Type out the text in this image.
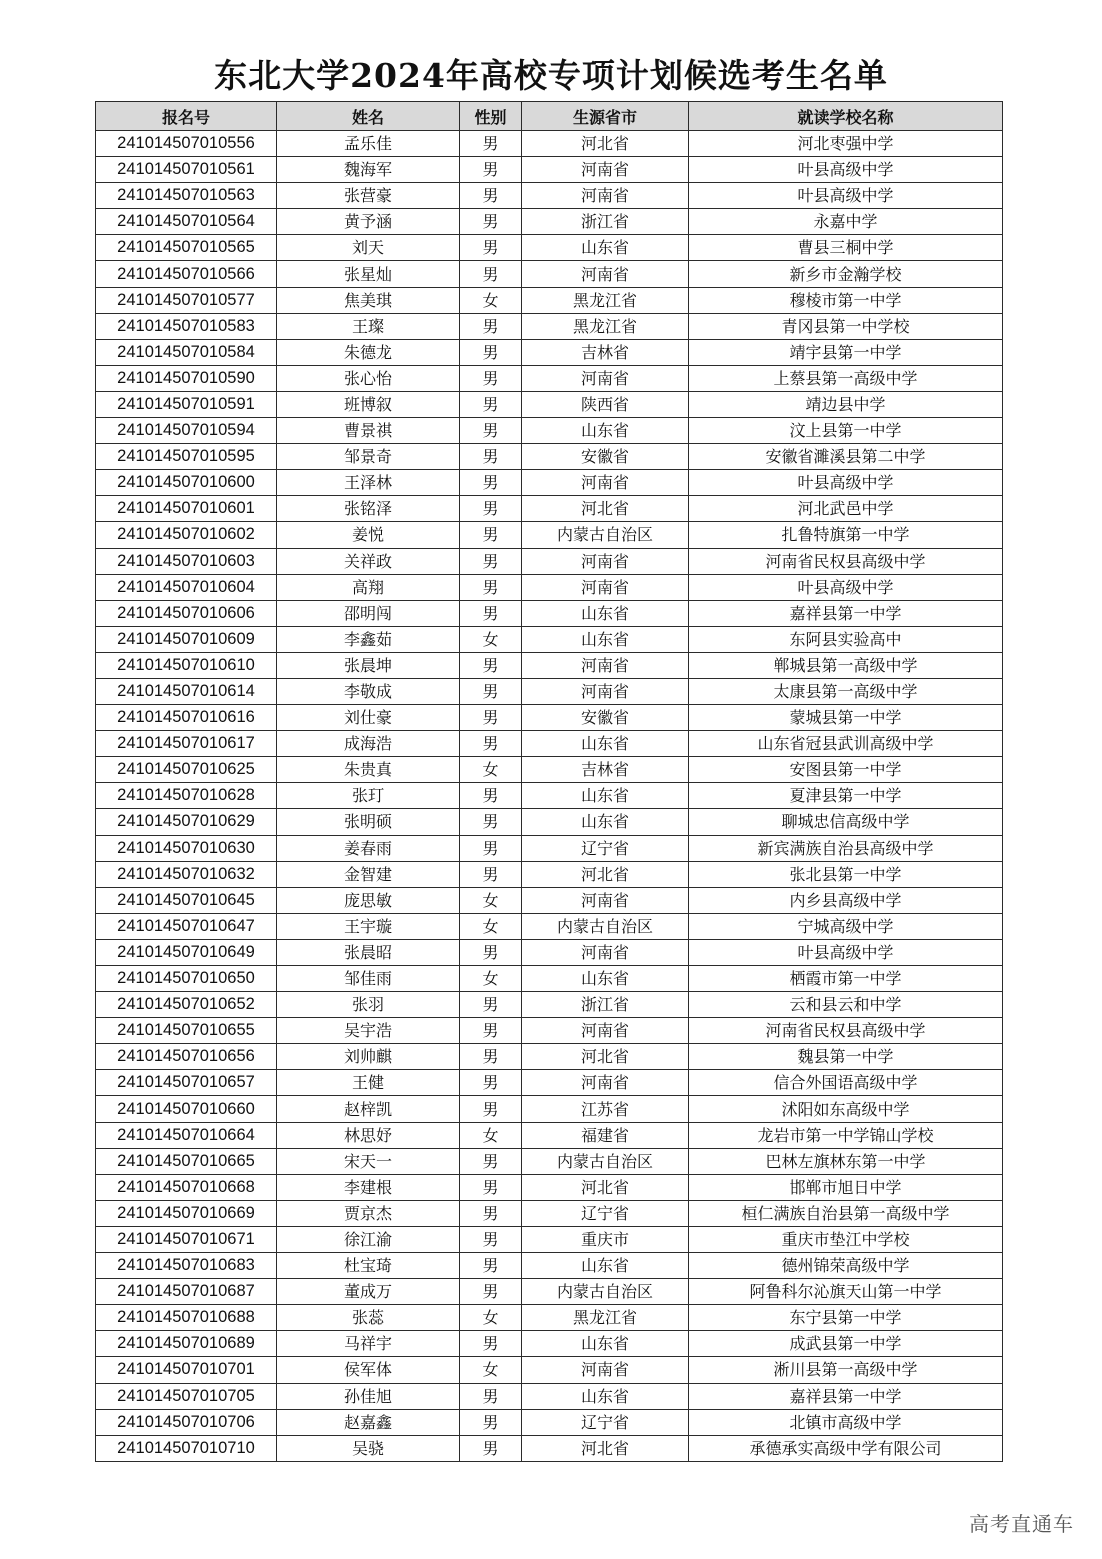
东北大学2024年高校专项计划候选考生名单
报名号	姓名	性别	生源省市	就读学校名称
241014507010556	孟乐佳	男	河北省	河北枣强中学
241014507010561	魏海军	男	河南省	叶县高级中学
241014507010563	张营豪	男	河南省	叶县高级中学
241014507010564	黄予涵	男	浙江省	永嘉中学
241014507010565	刘天	男	山东省	曹县三桐中学
241014507010566	张星灿	男	河南省	新乡市金瀚学校
241014507010577	焦美琪	女	黑龙江省	穆棱市第一中学
241014507010583	王璨	男	黑龙江省	青冈县第一中学校
241014507010584	朱德龙	男	吉林省	靖宇县第一中学
241014507010590	张心怡	男	河南省	上蔡县第一高级中学
241014507010591	班博叙	男	陕西省	靖边县中学
241014507010594	曹景祺	男	山东省	汶上县第一中学
241014507010595	邹景奇	男	安徽省	安徽省濉溪县第二中学
241014507010600	王泽林	男	河南省	叶县高级中学
241014507010601	张铭泽	男	河北省	河北武邑中学
241014507010602	姜悦	男	内蒙古自治区	扎鲁特旗第一中学
241014507010603	关祥政	男	河南省	河南省民权县高级中学
241014507010604	高翔	男	河南省	叶县高级中学
241014507010606	邵明闯	男	山东省	嘉祥县第一中学
241014507010609	李鑫茹	女	山东省	东阿县实验高中
241014507010610	张晨坤	男	河南省	郸城县第一高级中学
241014507010614	李敬成	男	河南省	太康县第一高级中学
241014507010616	刘仕豪	男	安徽省	蒙城县第一中学
241014507010617	成海浩	男	山东省	山东省冠县武训高级中学
241014507010625	朱贵真	女	吉林省	安图县第一中学
241014507010628	张玎	男	山东省	夏津县第一中学
241014507010629	张明硕	男	山东省	聊城忠信高级中学
241014507010630	姜春雨	男	辽宁省	新宾满族自治县高级中学
241014507010632	金智建	男	河北省	张北县第一中学
241014507010645	庞思敏	女	河南省	内乡县高级中学
241014507010647	王宇璇	女	内蒙古自治区	宁城高级中学
241014507010649	张晨昭	男	河南省	叶县高级中学
241014507010650	邹佳雨	女	山东省	栖霞市第一中学
241014507010652	张羽	男	浙江省	云和县云和中学
241014507010655	吴宇浩	男	河南省	河南省民权县高级中学
241014507010656	刘帅麒	男	河北省	魏县第一中学
241014507010657	王健	男	河南省	信合外国语高级中学
241014507010660	赵梓凯	男	江苏省	沭阳如东高级中学
241014507010664	林思妤	女	福建省	龙岩市第一中学锦山学校
241014507010665	宋天一	男	内蒙古自治区	巴林左旗林东第一中学
241014507010668	李建根	男	河北省	邯郸市旭日中学
241014507010669	贾京杰	男	辽宁省	桓仁满族自治县第一高级中学
241014507010671	徐江渝	男	重庆市	重庆市垫江中学校
241014507010683	杜宝琦	男	山东省	德州锦荣高级中学
241014507010687	董成万	男	内蒙古自治区	阿鲁科尔沁旗天山第一中学
241014507010688	张蕊	女	黑龙江省	东宁县第一中学
241014507010689	马祥宇	男	山东省	成武县第一中学
241014507010701	侯军体	女	河南省	淅川县第一高级中学
241014507010705	孙佳旭	男	山东省	嘉祥县第一中学
241014507010706	赵嘉鑫	男	辽宁省	北镇市高级中学
241014507010710	吴骁	男	河北省	承德承实高级中学有限公司
高考直通车
